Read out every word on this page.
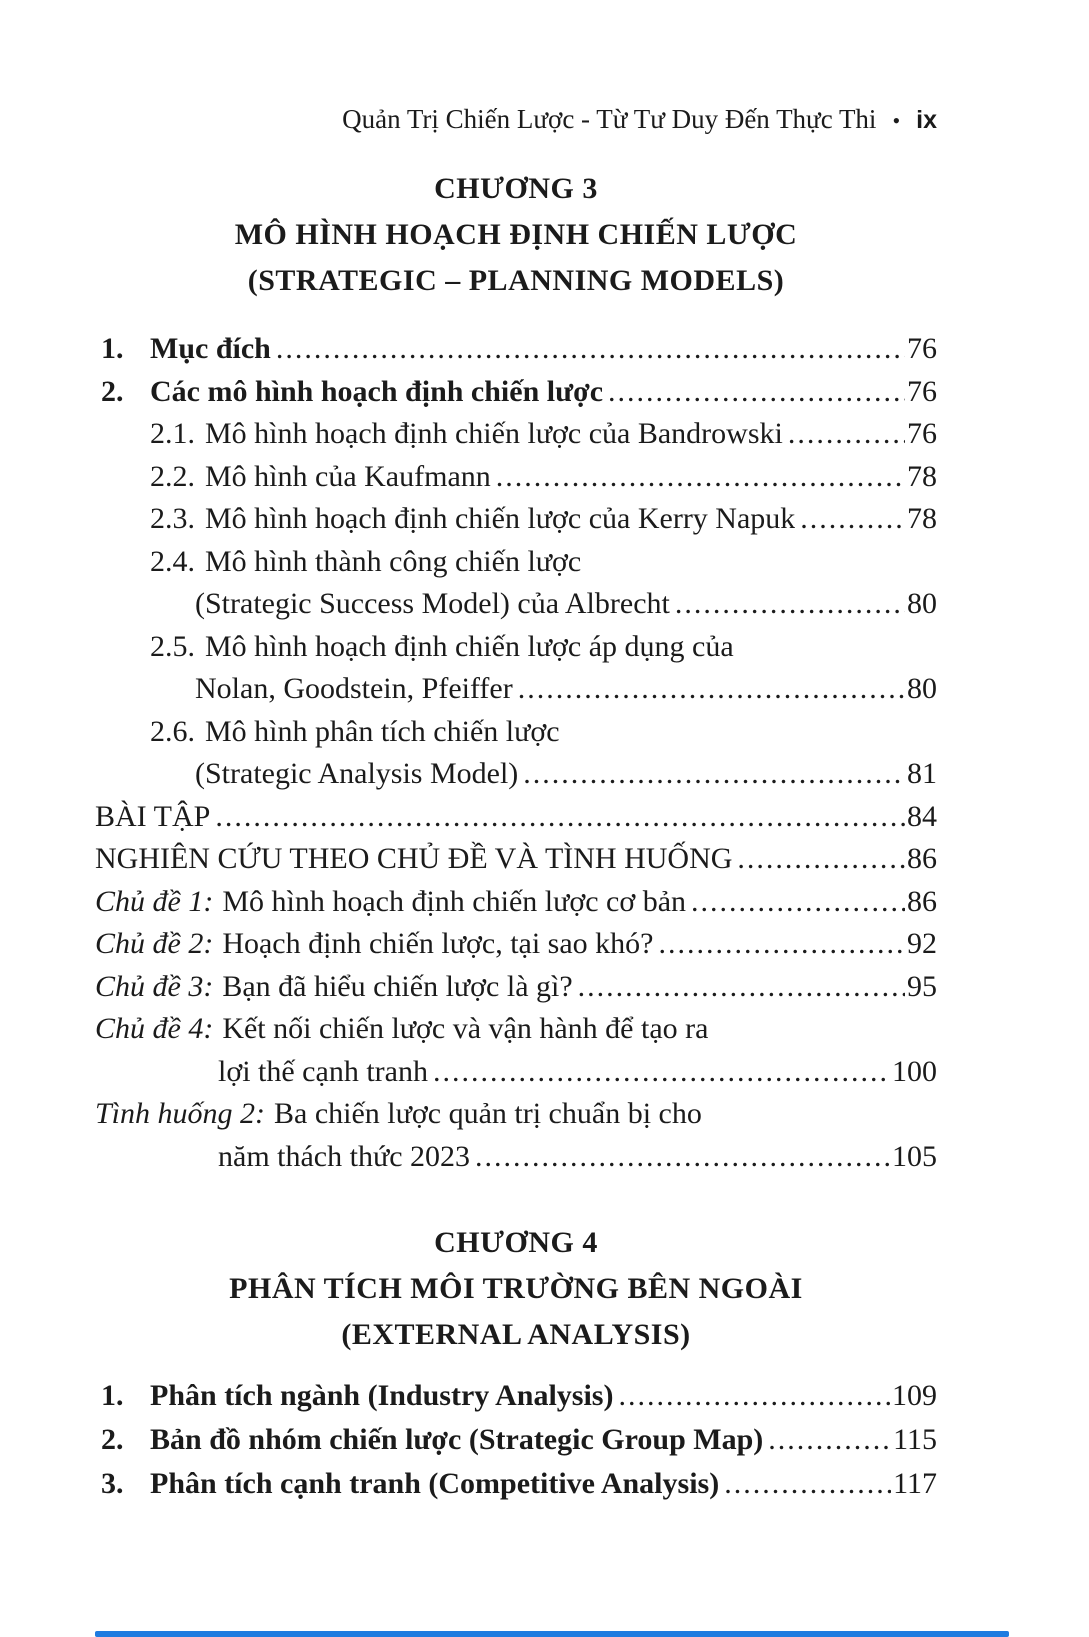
Quản Trị Chiến Lược - Từ Tư Duy Đến Thực Thi • ix
CHƯƠNG 3
MÔ HÌNH HOẠCH ĐỊNH CHIẾN LƯỢC
(STRATEGIC – PLANNING MODELS)
1. Mục đích .....	76
2. Các mô hình hoạch định chiến lược .....	76
2.1. Mô hình hoạch định chiến lược của Bandrowski .....	76
2.2. Mô hình của Kaufmann .....	78
2.3. Mô hình hoạch định chiến lược của Kerry Napuk .....	78
2.4. Mô hình thành công chiến lược
(Strategic Success Model) của Albrecht .....	80
2.5. Mô hình hoạch định chiến lược áp dụng của
Nolan, Goodstein, Pfeiffer .....	80
2.6. Mô hình phân tích chiến lược
(Strategic Analysis Model) .....	81
BÀI TẬP .....	84
NGHIÊN CỨU THEO CHỦ ĐỀ VÀ TÌNH HUỐNG .....	86
Chủ đề 1: Mô hình hoạch định chiến lược cơ bản .....	86
Chủ đề 2: Hoạch định chiến lược, tại sao khó? .....	92
Chủ đề 3: Bạn đã hiểu chiến lược là gì? .....	95
Chủ đề 4: Kết nối chiến lược và vận hành để tạo ra
lợi thế cạnh tranh .....	100
Tình huống 2: Ba chiến lược quản trị chuẩn bị cho
năm thách thức 2023 .....	105
CHƯƠNG 4
PHÂN TÍCH MÔI TRƯỜNG BÊN NGOÀI
(EXTERNAL ANALYSIS)
1. Phân tích ngành (Industry Analysis) .....	109
2. Bản đồ nhóm chiến lược (Strategic Group Map) .....	115
3. Phân tích cạnh tranh (Competitive Analysis) .....	117
